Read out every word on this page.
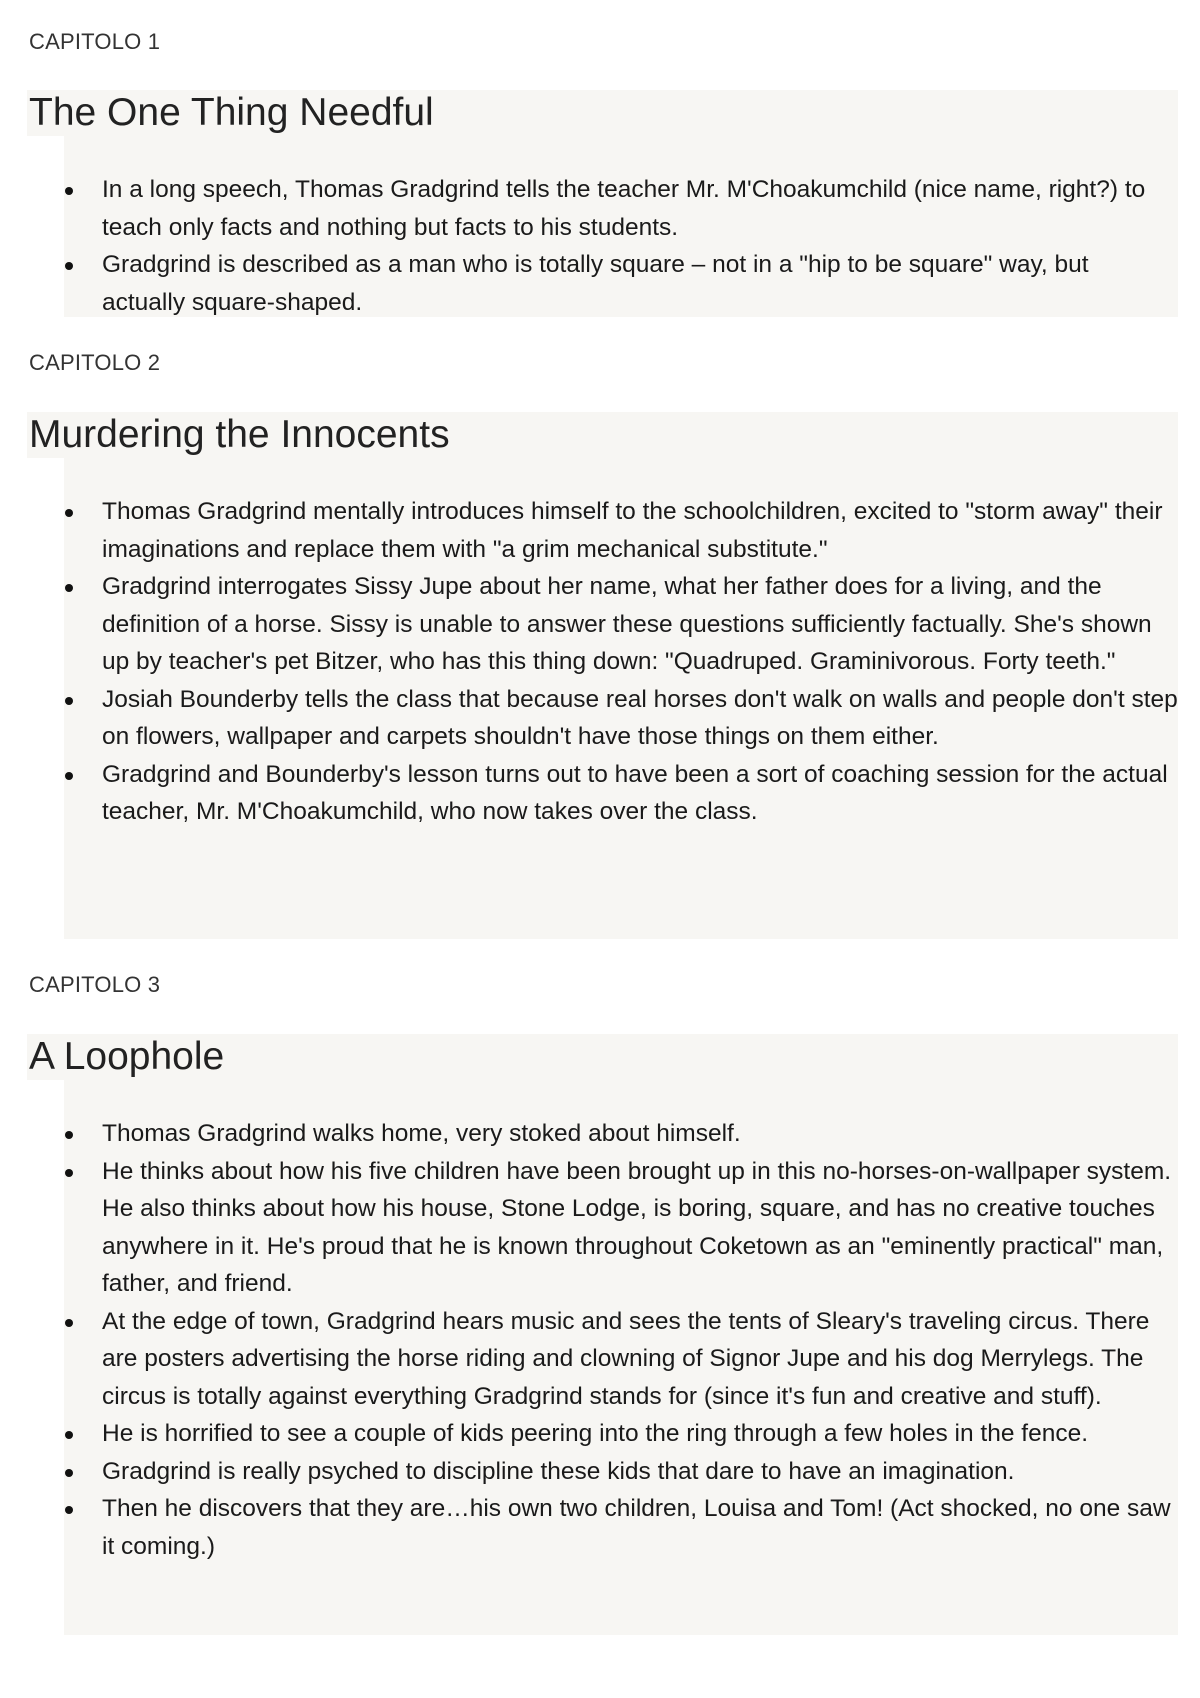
CAPITOLO 1
The One Thing Needful
In a long speech, Thomas Gradgrind tells the teacher Mr. M'Choakumchild (nice name, right?) to teach only facts and nothing but facts to his students.
Gradgrind is described as a man who is totally square – not in a "hip to be square" way, but actually square-shaped.
CAPITOLO 2
Murdering the Innocents
Thomas Gradgrind mentally introduces himself to the schoolchildren, excited to "storm away" their imaginations and replace them with "a grim mechanical substitute."
Gradgrind interrogates Sissy Jupe about her name, what her father does for a living, and the definition of a horse. Sissy is unable to answer these questions sufficiently factually. She's shown up by teacher's pet Bitzer, who has this thing down: "Quadruped. Graminivorous. Forty teeth."
Josiah Bounderby tells the class that because real horses don't walk on walls and people don't step on flowers, wallpaper and carpets shouldn't have those things on them either.
Gradgrind and Bounderby's lesson turns out to have been a sort of coaching session for the actual teacher, Mr. M'Choakumchild, who now takes over the class.
CAPITOLO 3
A Loophole
Thomas Gradgrind walks home, very stoked about himself.
He thinks about how his five children have been brought up in this no-horses-on-wallpaper system. He also thinks about how his house, Stone Lodge, is boring, square, and has no creative touches anywhere in it. He's proud that he is known throughout Coketown as an "eminently practical" man, father, and friend.
At the edge of town, Gradgrind hears music and sees the tents of Sleary's traveling circus. There are posters advertising the horse riding and clowning of Signor Jupe and his dog Merrylegs. The circus is totally against everything Gradgrind stands for (since it's fun and creative and stuff).
He is horrified to see a couple of kids peering into the ring through a few holes in the fence.
Gradgrind is really psyched to discipline these kids that dare to have an imagination.
Then he discovers that they are…his own two children, Louisa and Tom! (Act shocked, no one saw it coming.)
